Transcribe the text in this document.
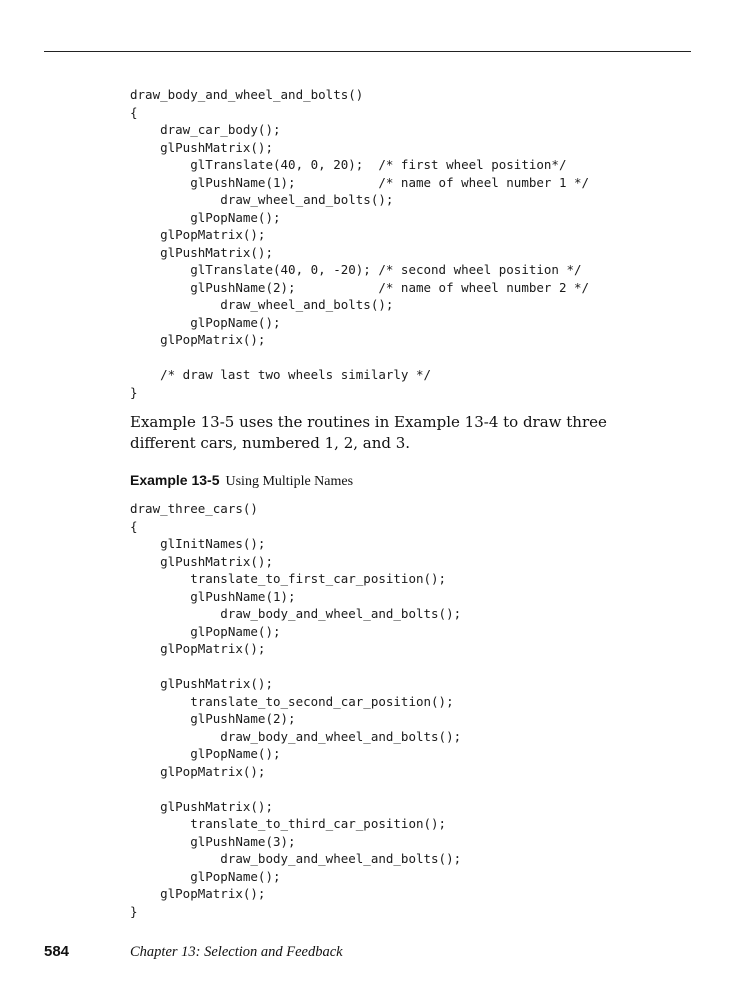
draw_body_and_wheel_and_bolts()
{
draw_car_body();
glPushMatrix();
glTranslate(40, 0, 20);  /* first wheel position*/
glPushName(1);           /* name of wheel number 1 */
draw_wheel_and_bolts();
glPopName();
glPopMatrix();
glPushMatrix();
glTranslate(40, 0, -20); /* second wheel position */
glPushName(2);           /* name of wheel number 2 */
draw_wheel_and_bolts();
glPopName();
glPopMatrix();

/* draw last two wheels similarly */
}

Example 13-5 uses the routines in Example 13-4 to draw three different cars, numbered 1, 2, and 3.

Example 13-5 Using Multiple Names

draw_three_cars()
{
glInitNames();
glPushMatrix();
translate_to_first_car_position();
glPushName(1);
draw_body_and_wheel_and_bolts();
glPopName();
glPopMatrix();

glPushMatrix();
translate_to_second_car_position();
glPushName(2);
draw_body_and_wheel_and_bolts();
glPopName();
glPopMatrix();

glPushMatrix();
translate_to_third_car_position();
glPushName(3);
draw_body_and_wheel_and_bolts();
glPopName();
glPopMatrix();
}
584	Chapter 13: Selection and Feedback
